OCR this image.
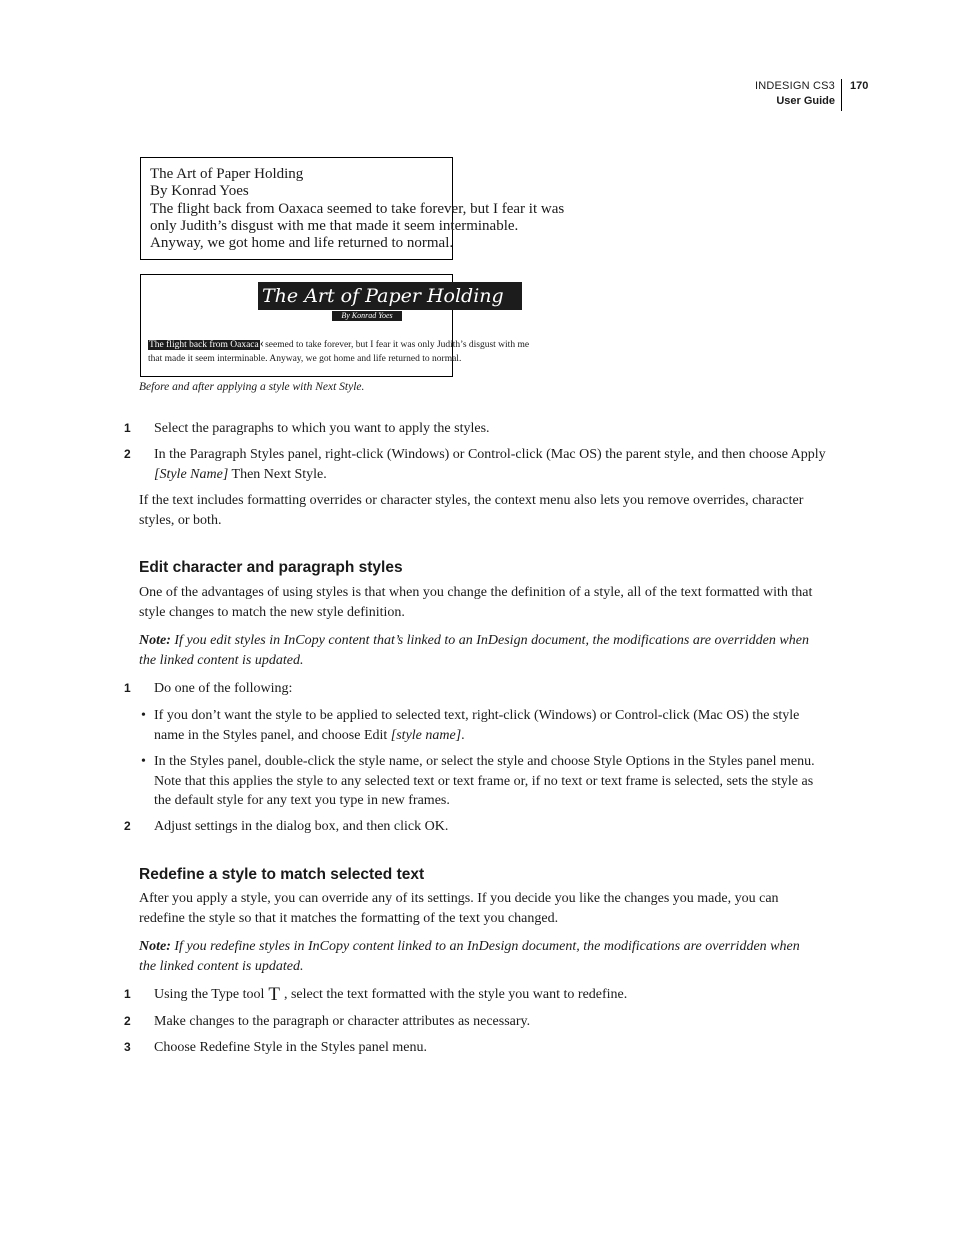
INDESIGN CS3
User Guide
170
The Art of Paper Holding
By Konrad Yoes
The flight back from Oaxaca seemed to take forever, but I fear it was
only Judith’s disgust with me that made it seem interminable.
Anyway, we got home and life returned to normal.
The Art of Paper Holding
By Konrad Yoes
The flight back from Oaxaca‹seemed to take forever, but I fear it was only Judith’s disgust with me
that made it seem interminable. Anyway, we got home and life returned to normal.
Before and after applying a style with Next Style.
1 Select the paragraphs to which you want to apply the styles.
2 In the Paragraph Styles panel, right-click (Windows) or Control-click (Mac OS) the parent style, and then choose Apply [Style Name] Then Next Style.
If the text includes formatting overrides or character styles, the context menu also lets you remove overrides, character styles, or both.
Edit character and paragraph styles
One of the advantages of using styles is that when you change the definition of a style, all of the text formatted with that style changes to match the new style definition.
Note: If you edit styles in InCopy content that’s linked to an InDesign document, the modifications are overridden when the linked content is updated.
1 Do one of the following:
• If you don’t want the style to be applied to selected text, right-click (Windows) or Control-click (Mac OS) the style name in the Styles panel, and choose Edit [style name].
• In the Styles panel, double-click the style name, or select the style and choose Style Options in the Styles panel menu. Note that this applies the style to any selected text or text frame or, if no text or text frame is selected, sets the style as the default style for any text you type in new frames.
2 Adjust settings in the dialog box, and then click OK.
Redefine a style to match selected text
After you apply a style, you can override any of its settings. If you decide you like the changes you made, you can redefine the style so that it matches the formatting of the text you changed.
Note: If you redefine styles in InCopy content linked to an InDesign document, the modifications are overridden when the linked content is updated.
1 Using the Type tool T , select the text formatted with the style you want to redefine.
2 Make changes to the paragraph or character attributes as necessary.
3 Choose Redefine Style in the Styles panel menu.
